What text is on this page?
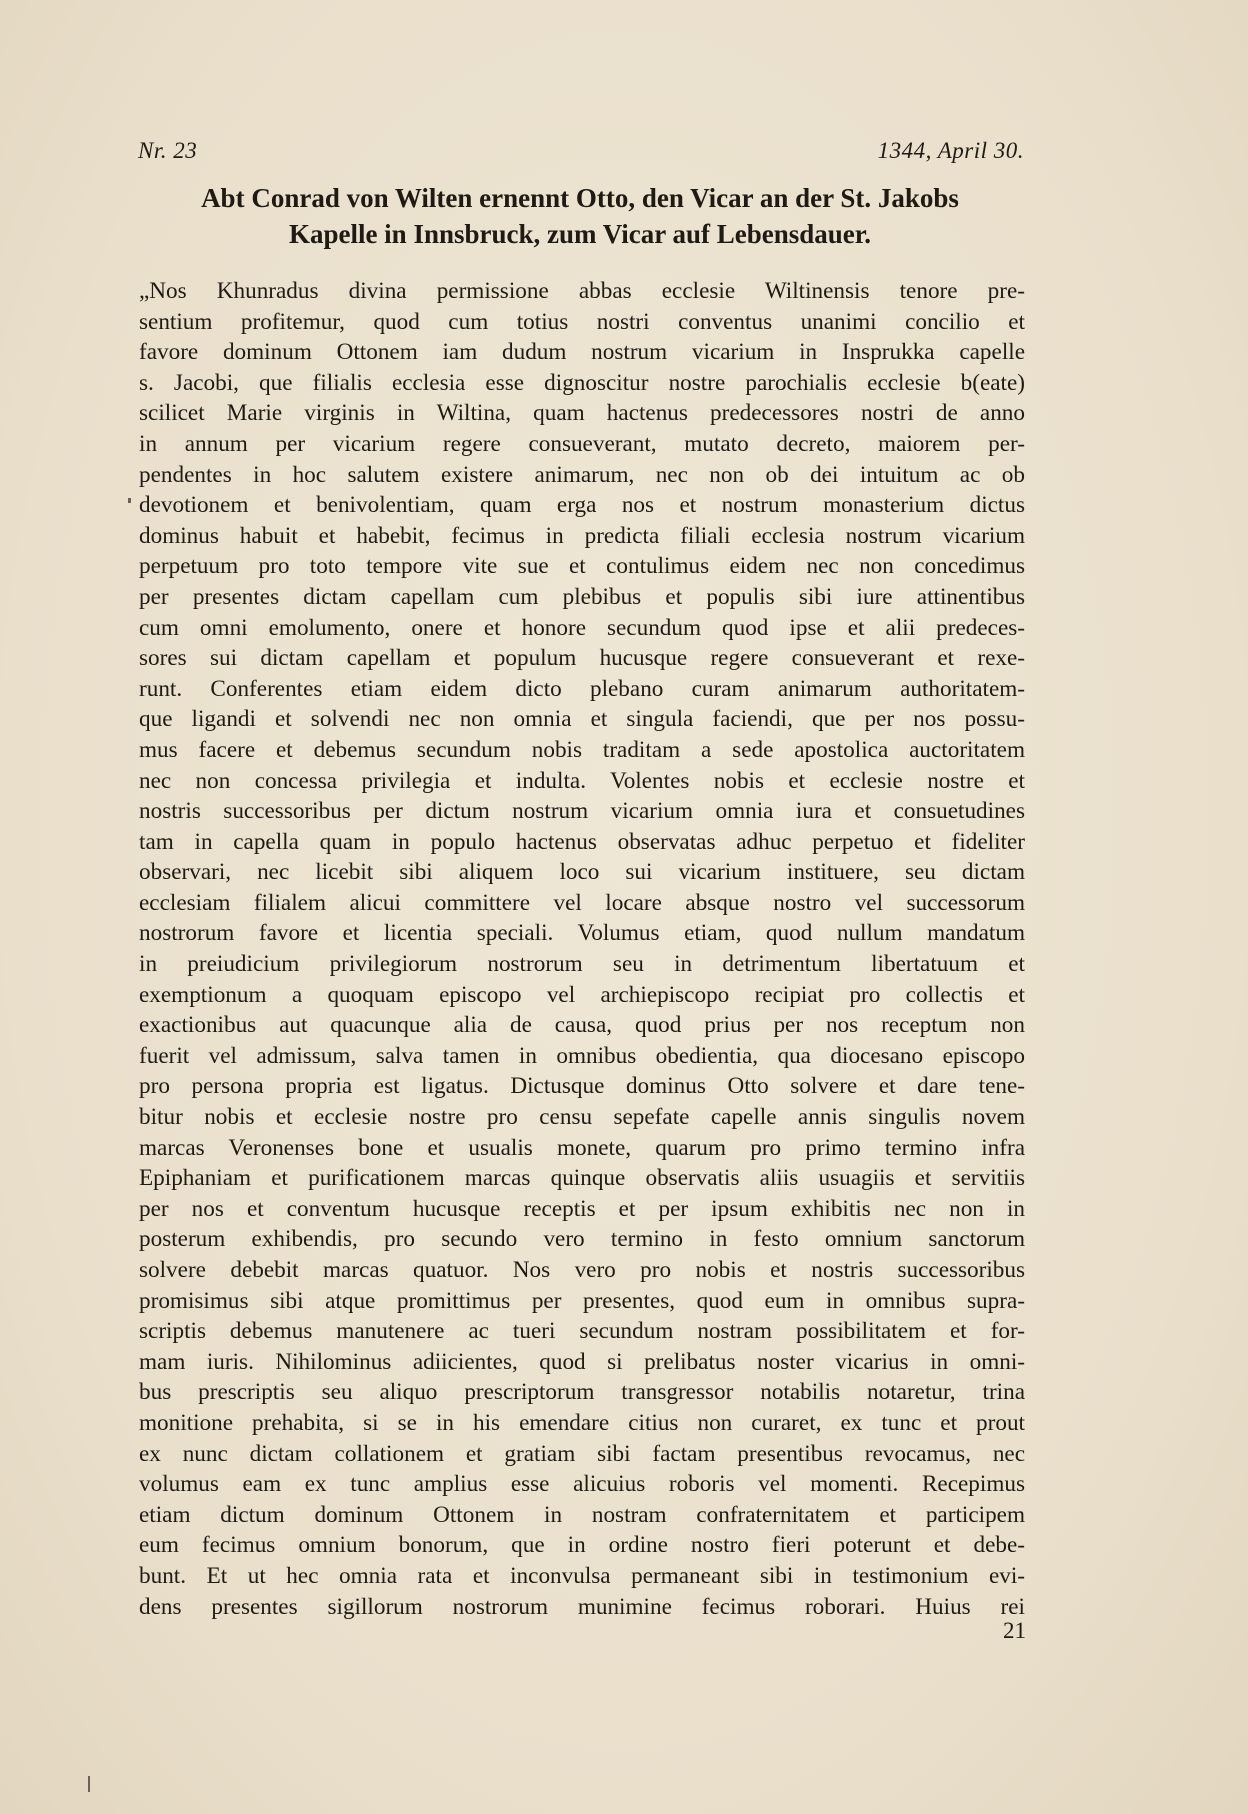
Nr. 23	1344, April 30.
Abt Conrad von Wilten ernennt Otto, den Vicar an der St. Jakobs
Kapelle in Innsbruck, zum Vicar auf Lebensdauer.
„Nos Khunradus divina permissione abbas ecclesie Wiltinensis tenore pre-
sentium profitemur, quod cum totius nostri conventus unanimi concilio et
favore dominum Ottonem iam dudum nostrum vicarium in Insprukka capelle
s. Jacobi, que filialis ecclesia esse dignoscitur nostre parochialis ecclesie b(eate)
scilicet Marie virginis in Wiltina, quam hactenus predecessores nostri de anno
in annum per vicarium regere consueverant, mutato decreto, maiorem per-
pendentes in hoc salutem existere animarum, nec non ob dei intuitum ac ob
devotionem et benivolentiam, quam erga nos et nostrum monasterium dictus
dominus habuit et habebit, fecimus in predicta filiali ecclesia nostrum vicarium
perpetuum pro toto tempore vite sue et contulimus eidem nec non concedimus
per presentes dictam capellam cum plebibus et populis sibi iure attinentibus
cum omni emolumento, onere et honore secundum quod ipse et alii predeces-
sores sui dictam capellam et populum hucusque regere consueverant et rexe-
runt. Conferentes etiam eidem dicto plebano curam animarum authoritatem-
que ligandi et solvendi nec non omnia et singula faciendi, que per nos possu-
mus facere et debemus secundum nobis traditam a sede apostolica auctoritatem
nec non concessa privilegia et indulta. Volentes nobis et ecclesie nostre et
nostris successoribus per dictum nostrum vicarium omnia iura et consuetudines
tam in capella quam in populo hactenus observatas adhuc perpetuo et fideliter
observari, nec licebit sibi aliquem loco sui vicarium instituere, seu dictam
ecclesiam filialem alicui committere vel locare absque nostro vel successorum
nostrorum favore et licentia speciali. Volumus etiam, quod nullum mandatum
in preiudicium privilegiorum nostrorum seu in detrimentum libertatuum et
exemptionum a quoquam episcopo vel archiepiscopo recipiat pro collectis et
exactionibus aut quacunque alia de causa, quod prius per nos receptum non
fuerit vel admissum, salva tamen in omnibus obedientia, qua diocesano episcopo
pro persona propria est ligatus. Dictusque dominus Otto solvere et dare tene-
bitur nobis et ecclesie nostre pro censu sepefate capelle annis singulis novem
marcas Veronenses bone et usualis monete, quarum pro primo termino infra
Epiphaniam et purificationem marcas quinque observatis aliis usuagiis et servitiis
per nos et conventum hucusque receptis et per ipsum exhibitis nec non in
posterum exhibendis, pro secundo vero termino in festo omnium sanctorum
solvere debebit marcas quatuor. Nos vero pro nobis et nostris successoribus
promisimus sibi atque promittimus per presentes, quod eum in omnibus supra-
scriptis debemus manutenere ac tueri secundum nostram possibilitatem et for-
mam iuris. Nihilominus adiicientes, quod si prelibatus noster vicarius in omni-
bus prescriptis seu aliquo prescriptorum transgressor notabilis notaretur, trina
monitione prehabita, si se in his emendare citius non curaret, ex tunc et prout
ex nunc dictam collationem et gratiam sibi factam presentibus revocamus, nec
volumus eam ex tunc amplius esse alicuius roboris vel momenti. Recepimus
etiam dictum dominum Ottonem in nostram confraternitatem et participem
eum fecimus omnium bonorum, que in ordine nostro fieri poterunt et debe-
bunt. Et ut hec omnia rata et inconvulsa permaneant sibi in testimonium evi-
dens presentes sigillorum nostrorum munimine fecimus roborari. Huius rei
21
